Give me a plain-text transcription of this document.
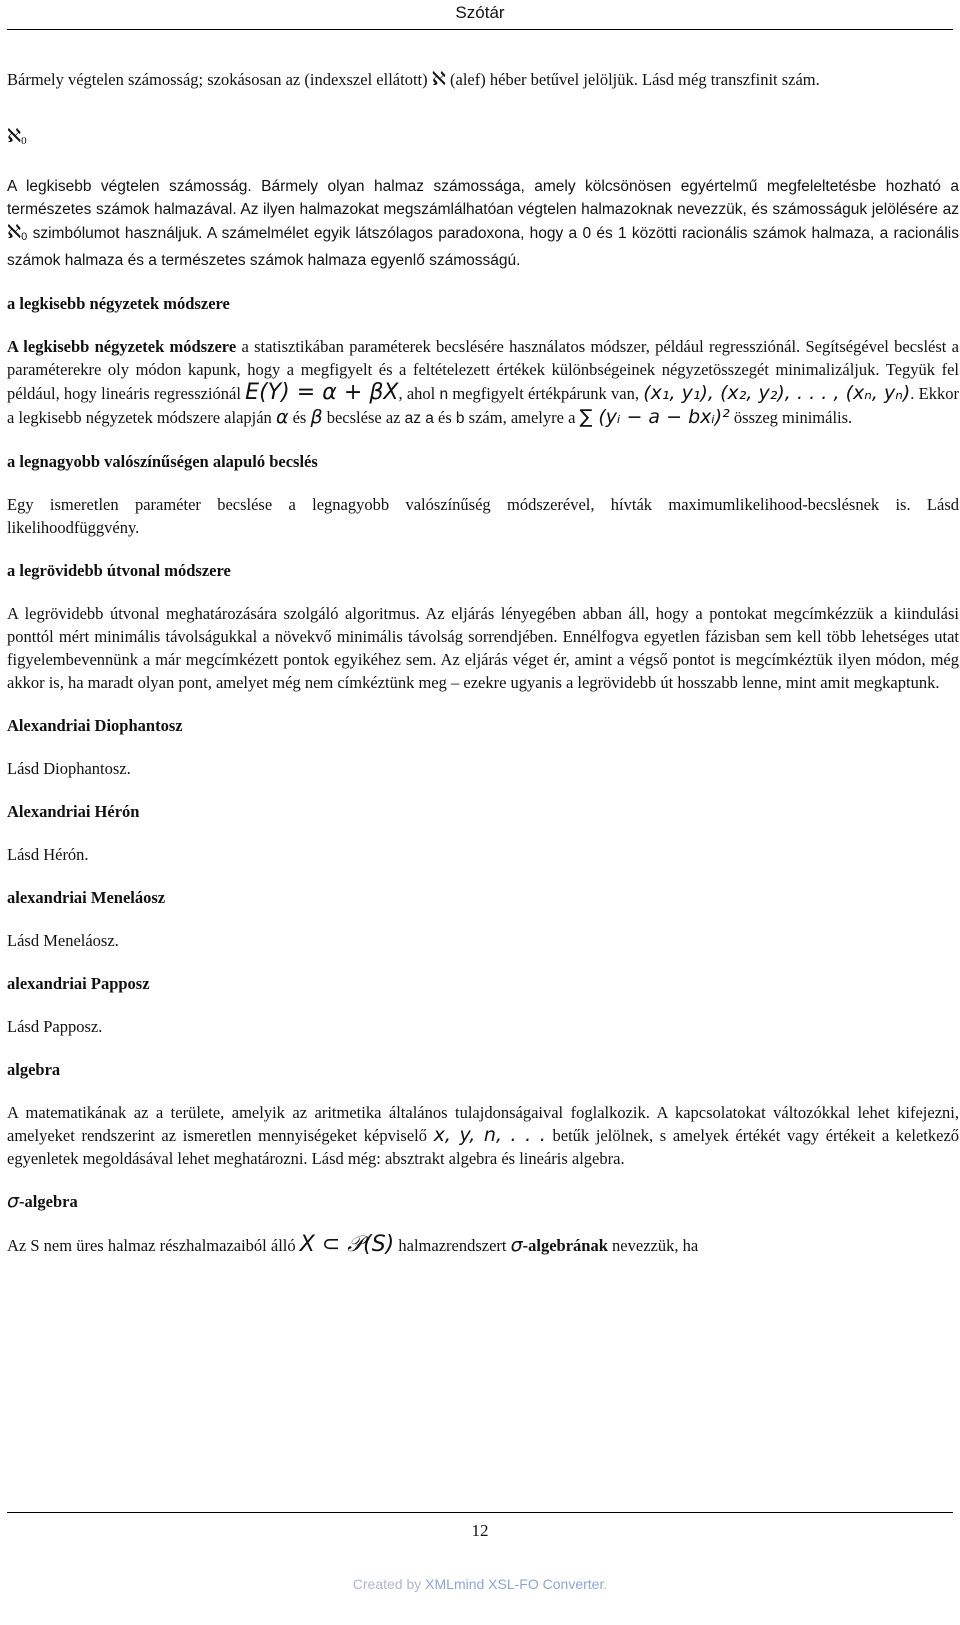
Szótár

Bármely végtelen számosság; szokásosan az (indexszel ellátott) ℵ (alef) héber betűvel jelöljük. Lásd még transzfinit szám.

ℵ0

A legkisebb végtelen számosság. Bármely olyan halmaz számossága, amely kölcsönösen egyértelmű megfeleltetésbe hozható a természetes számok halmazával. Az ilyen halmazokat megszámlálhatóan végtelen halmazoknak nevezzük, és számosságuk jelölésére az ℵ0 szimbólumot használjuk. A számelmélet egyik látszólagos paradoxona, hogy a 0 és 1 közötti racionális számok halmaza, a racionális számok halmaza és a természetes számok halmaza egyenlő számosságú.

a legkisebb négyzetek módszere

A legkisebb négyzetek módszere a statisztikában paraméterek becslésére használatos módszer, például regressziónál. Segítségével becslést a paraméterekre oly módon kapunk, hogy a megfigyelt és a feltételezett értékek különbségeinek négyzetösszegét minimalizáljuk. Tegyük fel például, hogy lineáris regressziónál E(Y) = α + βX, ahol n megfigyelt értékpárunk van, (x₁, y₁), (x₂, y₂), . . . , (xₙ, yₙ). Ekkor a legkisebb négyzetek módszere alapján α és β becslése az az a és b szám, amelyre a ∑ (yᵢ − a − bxᵢ)² összeg minimális.

a legnagyobb valószínűségen alapuló becslés

Egy ismeretlen paraméter becslése a legnagyobb valószínűség módszerével, hívták maximumlikelihood-becslésnek is. Lásd likelihoodfüggvény.

a legrövidebb útvonal módszere

A legrövidebb útvonal meghatározására szolgáló algoritmus. Az eljárás lényegében abban áll, hogy a pontokat megcímkézzük a kiindulási ponttól mért minimális távolságukkal a növekvő minimális távolság sorrendjében. Ennélfogva egyetlen fázisban sem kell több lehetséges utat figyelembevennünk a már megcímkézett pontok egyikéhez sem. Az eljárás véget ér, amint a végső pontot is megcímkéztük ilyen módon, még akkor is, ha maradt olyan pont, amelyet még nem címkéztünk meg – ezekre ugyanis a legrövidebb út hosszabb lenne, mint amit megkaptunk.

Alexandriai Diophantosz

Lásd Diophantosz.

Alexandriai Hérón

Lásd Hérón.

alexandriai Meneláosz

Lásd Meneláosz.

alexandriai Papposz

Lásd Papposz.

algebra

A matematikának az a területe, amelyik az aritmetika általános tulajdonságaival foglalkozik. A kapcsolatokat változókkal lehet kifejezni, amelyeket rendszerint az ismeretlen mennyiségeket képviselő x, y, n, . . . betűk jelölnek, s amelyek értékét vagy értékeit a keletkező egyenletek megoldásával lehet meghatározni. Lásd még: absztrakt algebra és lineáris algebra.

σ-algebra

Az S nem üres halmaz részhalmazaiból álló X ⊂ 𝒫(S) halmazrendszert σ-algebrának nevezzük, ha

12
Created by XMLmind XSL-FO Converter.
